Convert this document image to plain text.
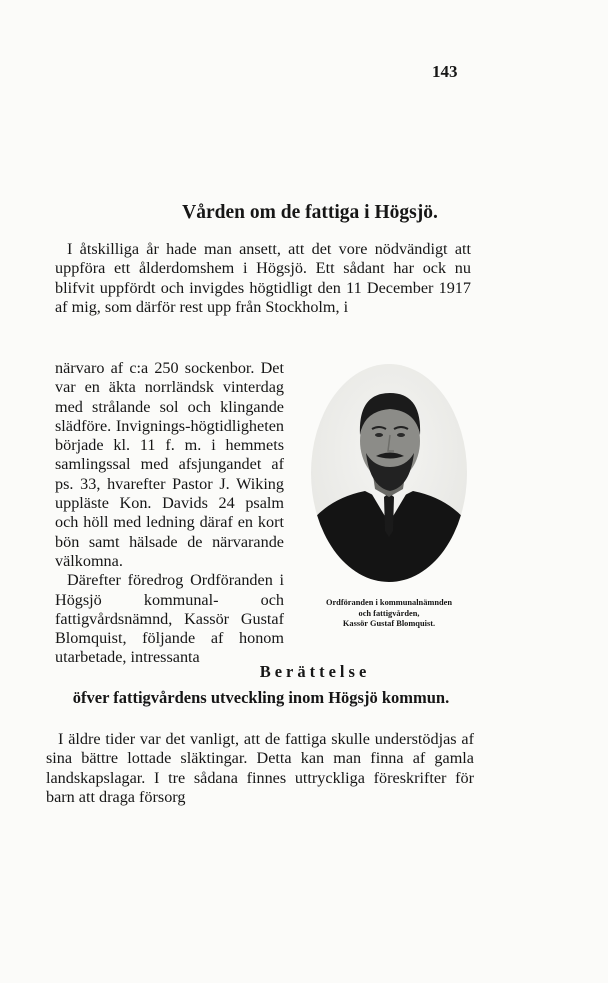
143
Vården om de fattiga i Högsjö.

I åtskilliga år hade man ansett, att det vore nödvändigt att uppföra ett ålderdomshem i Högsjö. Ett sådant har ock nu blifvit uppfördt och invigdes högtidligt den 11 December 1917 af mig, som därför rest upp från Stockholm, i

närvaro af c:a 250 sockenbor. Det var en äkta norrländsk vinterdag med strålande sol och klingande slädföre. Invignings-högtidligheten började kl. 11 f. m. i hemmets samlingssal med afsjungandet af ps. 33, hvarefter Pastor J. Wiking uppläste Kon. Davids 24 psalm och höll med ledning däraf en kort bön samt hälsade de närvarande välkomna.

Därefter föredrog Ordföranden i Högsjö kommunal- och fattigvårdsnämnd, Kassör Gustaf Blomquist, följande af honom utarbetade, intressanta

Ordföranden i kommunalnämnden
och fattigvården,
Kassör Gustaf Blomquist.
Berättelse
öfver fattigvårdens utveckling inom Högsjö kommun.

I äldre tider var det vanligt, att de fattiga skulle understödjas af sina bättre lottade släktingar. Detta kan man finna af gamla landskapslagar. I tre sådana finnes uttryckliga föreskrifter för barn att draga försorg
